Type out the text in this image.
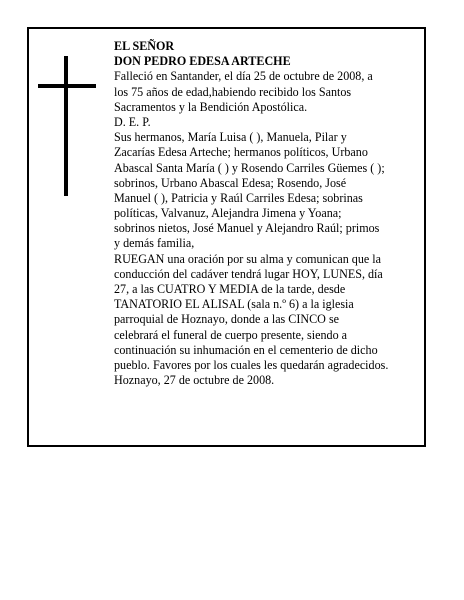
EL SEÑOR
DON PEDRO EDESA ARTECHE
Falleció en Santander, el día 25 de octubre de 2008, a
los 75 años de edad,habiendo recibido los Santos
Sacramentos y la Bendición Apostólica.
D. E. P.
Sus hermanos, María Luisa ( ), Manuela, Pilar y
Zacarías Edesa Arteche; hermanos políticos, Urbano
Abascal Santa María ( ) y Rosendo Carriles Güemes ( );
sobrinos, Urbano Abascal Edesa; Rosendo, José
Manuel ( ), Patricia y Raúl Carriles Edesa; sobrinas
políticas, Valvanuz, Alejandra Jimena y Yoana;
sobrinos nietos, José Manuel y Alejandro Raúl; primos
y demás familia,
RUEGAN una oración por su alma y comunican que la
conducción del cadáver tendrá lugar HOY, LUNES, día
27, a las CUATRO Y MEDIA de la tarde, desde
TANATORIO EL ALISAL (sala n.º 6) a la iglesia
parroquial de Hoznayo, donde a las CINCO se
celebrará el funeral de cuerpo presente, siendo a
continuación su inhumación en el cementerio de dicho
pueblo. Favores por los cuales les quedarán agradecidos.
Hoznayo, 27 de octubre de 2008.
